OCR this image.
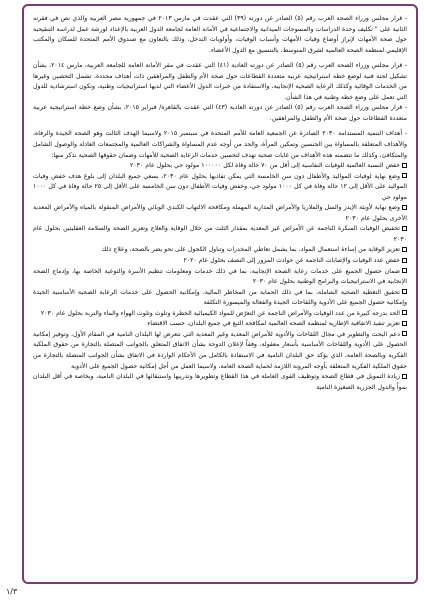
- قرار مجلس وزراء الصحة العرب رقم (٥) الصادر عن دورته (٣٩) التي عقدت في مارس ٢٠١٣ في جمهورية مصر العربية والذي نص في فقرته الثانية على " تكليف وحدة الدراسات والمسوحات الميدانية والاجتماعية في الأمانة العامة لجامعة الدول العربية بالإعداد لورشة عمل لدراسة التنقيحية حول صحة الأمهات لإبراز أوضاع وفيات الأمهات وأسباب الوفيات، وأولويات التدخل، وذلك بالتعاون مع صندوق الأمم المتحدة للسكان والمكتب الإقليمي لمنظمة الصحة العالمية لشرق المتوسط، بالتنسيق مع الدول الأعضاء.

- قرار مجلس وزراء الصحة العرب رقم (٥) الصادر عن دورته العادية (٤١) التي عقدت في مقر الأمانة العامة للجامعة العربية، مارس ٢٠١٤، بشأن تشكيل لجنة فنية لوضع خطة استراتيجية عربية متعددة القطاعات حول صحة الأم والطفل والمراهقين ذات أهداف محددة، تشمل التحصين وغيرها من الخدمات الوقائية وكذلك الرعاية الصحية الإنجابية، والاستفادة من خبرات الدول الأعضاء التي لديها استراتيجيات وطنية، وتكون استرشادية للدول التي تعمل على وضع خطة وطنية في هذا الشأن.

- قرار مجلس وزراء الصحة العرب رقم (٥) الصادر عن دورته العادية (٤٣) التي عقدت بالقاهرة/ فبراير ٢٠١٥، بشأن وضع خطة استراتيجية عربية متعددة القطاعات حول صحة الأم والطفل والمراهقين.

- أهداف التنمية المستدامة ٢٠٣٠ الصادرة عن الجمعية العامة للأمم المتحدة في سبتمبر ٢٠١٥ ولاسيما الهدف الثالث وهو الصحة الجيدة والرفاه، والأهداف المتعلقة بالمساواة بين الجنسين وتمكين المرأة، والحد من أوجه عدم المساواة والشراكات العالمية والمجتمعات العادلة والوصول الشامل والمتكافئ، وكذلك ما تتضمنه هذه الأهداف من غايات صحية تهدف لتحسين خدمات الرعاية الصحية للأمهات وضمان حقوقها الصحية نذكر منها:

خفض النسبة العالمية للوفيات النفاسية إلى أقل من ٧٠ حالة وفاة لكل ١٠٠٠٠٠ مولود حي بحلول عام ٢٠٣٠

وضع نهاية لوفيات المواليد والأطفال دون سن الخامسة التي يمكن تفاديها بحلول عام ٢٠٣٠، بسعي جميع البلدان إلى بلوغ هدف خفض وفيات المواليد على الأقل إلى ١٢ حالة وفاة في كل ١٠٠٠ مولود حي، وخفض وفيات الأطفال دون سن الخامسة على الأقل إلى ٢٥ حالة وفاة في كل ١٠٠٠ مولود حي

وضع نهاية لأوبئة الإيدز والسل والملاريا والأمراض المدارية المهملة ومكافحة الالتهاب الكبدي الوبائي والأمراض المنقولة بالمياه والأمراض المعدية الأخرى بحلول عام ٢٠٣٠

تخفيض الوفيات المبكرة الناجمة عن الأمراض غير المعدية بمقدار الثلث من خلال الوقاية والعلاج وتعزيز الصحة والسلامة العقليتين بحلول عام ٢٠٣٠

تعزيز الوقاية من إساءة استعمال المواد، بما يشمل تعاطي المخدرات وتناول الكحول على نحو يضر بالصحة، وعلاج ذلك

خفض عدد الوفيات والإصابات الناجمة عن حوادث المرور إلى النصف بحلول عام ٢٠٢٠

ضمان حصول الجميع على خدمات رعاية الصحة الإنجابية، بما في ذلك خدمات ومعلومات تنظيم الأسرة والتوعية الخاصة بها، وإدماج الصحة الإنجابية في الاستراتيجيات والبرامج الوطنية بحلول عام ٢٠٣٠

تحقيق التغطية الصحية الشاملة، بما في ذلك الحماية من المخاطر المالية، وإمكانية الحصول على خدمات الرعاية الصحية الأساسية الجيدة وإمكانية حصول الجميع على الأدوية واللقاحات الجيدة والفعالة والميسورة التكلفة

الحد بدرجة كبيرة من عدد الوفيات والأمراض الناجمة عن التعرّض للمواد الكيميائية الخطرة وتلوث وتلوث الهواء والماء والتربة بحلول عام ٢٠٣٠

تعزيز تنفيذ الاتفاقية الإطارية لمنظمة الصحة العالمية لمكافحة التبغ في جميع البلدان، حسب الاقتضاء

دعم البحث والتطوير في مجال اللقاحات والأدوية للأمراض المعدية وغير المعدية التي تتعرض لها البلدان النامية في المقام الأول، وتوفير إمكانية الحصول على الأدوية واللقاحات الأساسية بأسعار معقولة، وفقاً لإعلان الدوحة بشأن الاتفاق المتعلق بالجوانب المتصلة بالتجارة من حقوق الملكية الفكرية وبالصحة العامة، الذي يؤكد حق البلدان النامية في الاستفادة بالكامل من الأحكام الواردة في الاتفاق بشأن الجوانب المتصلة بالتجارة من حقوق الملكية الفكرية المتعلقة بأوجه المرونة اللازمة لحماية الصحة العامة، ولاسيما العمل من أجل إمكانية حصول الجميع على الأدوية

زيادة التمويل في قطاع الصحة وتوظيف القوى العاملة في هذا القطاع وتطويرها وتدريبها واستبقائها في البلدان النامية، وبخاصة في أقل البلدان نمواً والدول الجزرية الصغيرة النامية

١/٣
